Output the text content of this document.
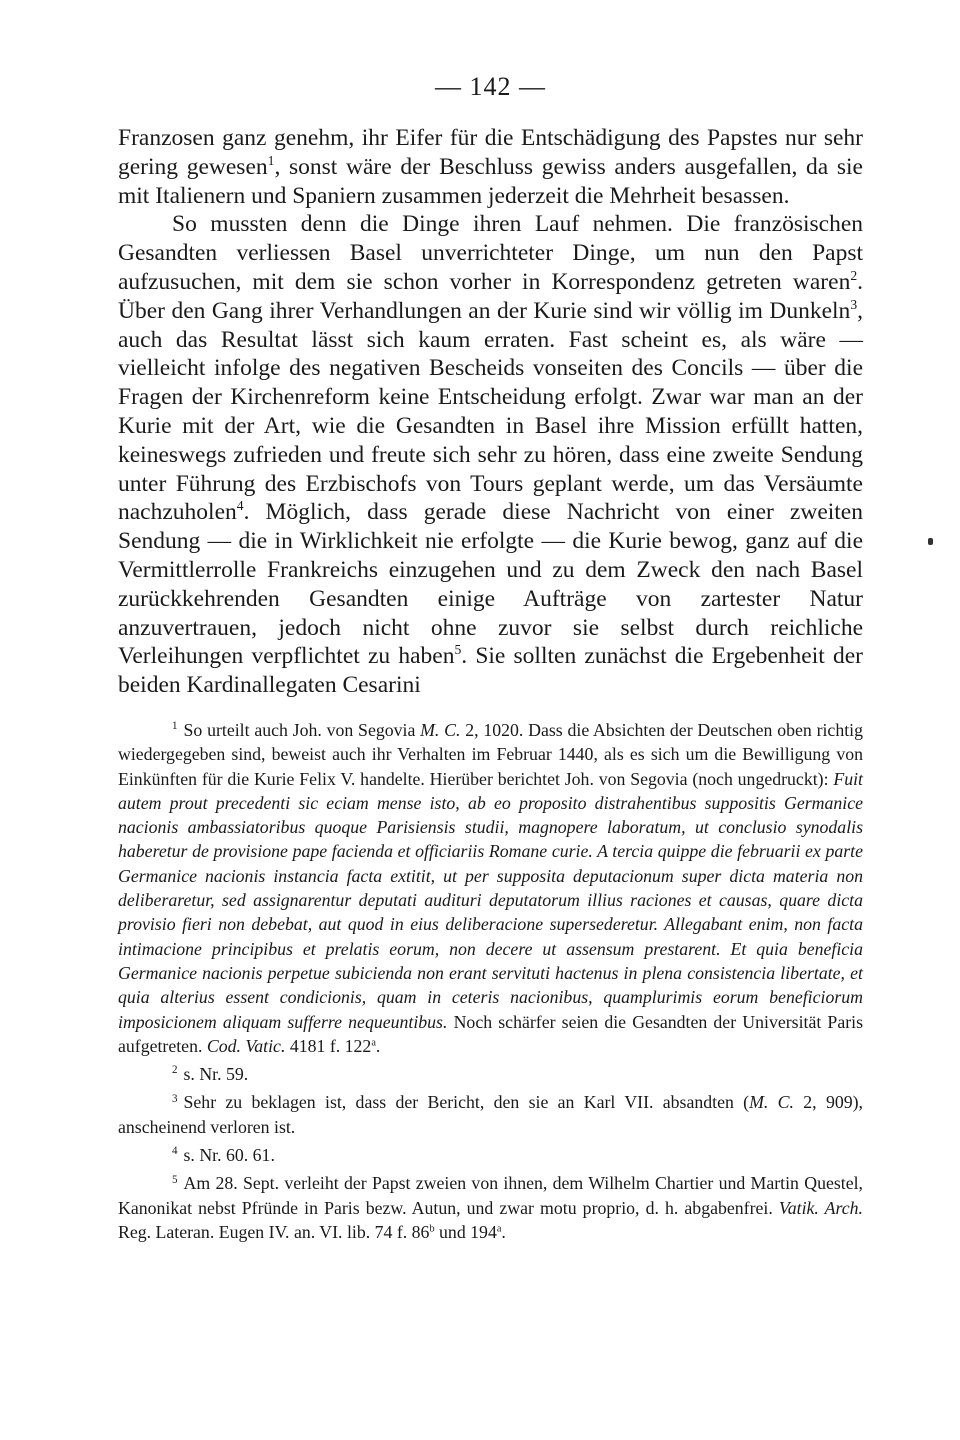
— 142 —

Franzosen ganz genehm, ihr Eifer für die Entschädigung des Papstes nur sehr gering gewesen$^1$, sonst wäre der Beschluss gewiss anders ausgefallen, da sie mit Italienern und Spaniern zusammen jederzeit die Mehrheit besassen.

So mussten denn die Dinge ihren Lauf nehmen. Die französischen Gesandten verliessen Basel unverrichteter Dinge, um nun den Papst aufzusuchen, mit dem sie schon vorher in Korrespondenz getreten waren$^2$. Über den Gang ihrer Verhandlungen an der Kurie sind wir völlig im Dunkeln$^3$, auch das Resultat lässt sich kaum erraten. Fast scheint es, als wäre — vielleicht infolge des negativen Bescheids vonseiten des Concils — über die Fragen der Kirchenreform keine Entscheidung erfolgt. Zwar war man an der Kurie mit der Art, wie die Gesandten in Basel ihre Mission erfüllt hatten, keineswegs zufrieden und freute sich sehr zu hören, dass eine zweite Sendung unter Führung des Erzbischofs von Tours geplant werde, um das Versäumte nachzuholen$^4$. Möglich, dass gerade diese Nachricht von einer zweiten Sendung — die in Wirklichkeit nie erfolgte — die Kurie bewog, ganz auf die Vermittlerrolle Frankreichs einzugehen und zu dem Zweck den nach Basel zurückkehrenden Gesandten einige Aufträge von zartester Natur anzuvertrauen, jedoch nicht ohne zuvor sie selbst durch reichliche Verleihungen verpflichtet zu haben$^5$. Sie sollten zunächst die Ergebenheit der beiden Kardinallegaten Cesarini

$^1$ So urteilt auch Joh. von Segovia M. C. 2, 1020. Dass die Absichten der Deutschen oben richtig wiedergegeben sind, beweist auch ihr Verhalten im Februar 1440, als es sich um die Bewilligung von Einkünften für die Kurie Felix V. handelte. Hierüber berichtet Joh. von Segovia (noch ungedruckt): Fuit autem prout precedenti sic eciam mense isto, ab eo proposito distrahentibus suppositis Germanice nacionis ambassiatoribus quoque Parisiensis studii, magnopere laboratum, ut conclusio synodalis haberetur de provisione pape facienda et officiariis Romane curie. A tercia quippe die februarii ex parte Germanice nacionis instancia facta extitit, ut per supposita deputacionum super dicta materia non deliberaretur, sed assignarentur deputati audituri deputatorum illius raciones et causas, quare dicta provisio fieri non debebat, aut quod in eius deliberacione supersederetur. Allegabant enim, non facta intimacione principibus et prelatis eorum, non decere ut assensum prestarent. Et quia beneficia Germanice nacionis perpetue subicienda non erant servituti hactenus in plena consistencia libertate, et quia alterius essent condicionis, quam in ceteris nacionibus, quamplurimis eorum beneficiorum imposicionem aliquam sufferre nequeuntibus. Noch schärfer seien die Gesandten der Universität Paris aufgetreten. Cod. Vatic. 4181 f. 122$^a$.

$^2$ s. Nr. 59.

$^3$ Sehr zu beklagen ist, dass der Bericht, den sie an Karl VII. absandten (M. C. 2, 909), anscheinend verloren ist.

$^4$ s. Nr. 60. 61.

$^5$ Am 28. Sept. verleiht der Papst zweien von ihnen, dem Wilhelm Chartier und Martin Questel, Kanonikat nebst Pfründe in Paris bezw. Autun, und zwar motu proprio, d. h. abgabenfrei. Vatik. Arch. Reg. Lateran. Eugen IV. an. VI. lib. 74 f. 86$^b$ und 194$^a$.
